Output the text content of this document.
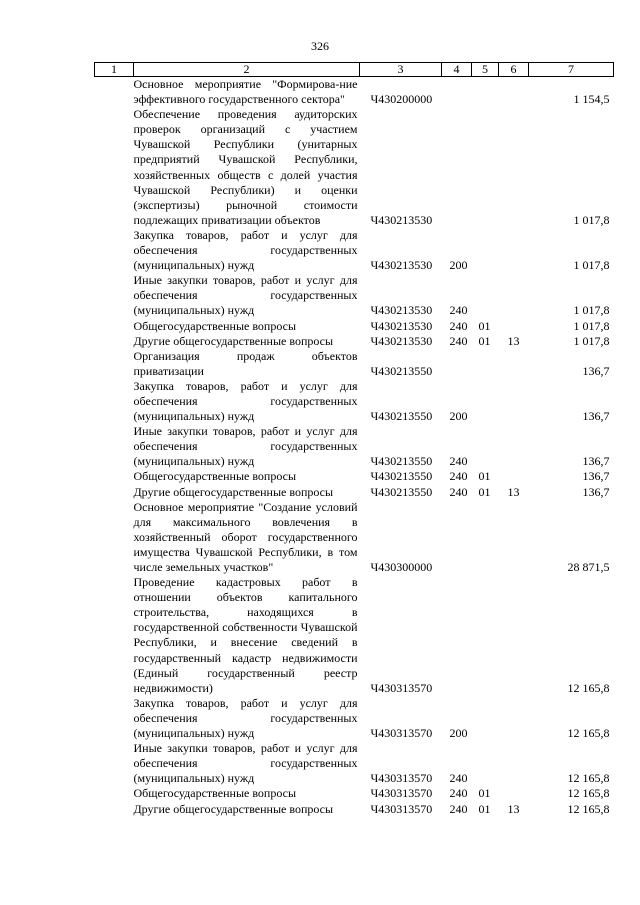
326
1	2	3	4	5	6	7
	Основное мероприятие "Формирова-ние эффективного государственного сектора"	Ч430200000				1 154,5
	Обеспечение проведения аудиторских проверок организаций с участием Чувашской Республики (унитарных предприятий Чувашской Республики, хозяйственных обществ с долей участия Чувашской Республики) и оценки (экспертизы) рыночной стоимости подлежащих приватизации объектов	Ч430213530				1 017,8
	Закупка товаров, работ и услуг для обеспечения государственных (муниципальных) нужд	Ч430213530	200			1 017,8
	Иные закупки товаров, работ и услуг для обеспечения государственных (муниципальных) нужд	Ч430213530	240			1 017,8
	Общегосударственные вопросы	Ч430213530	240	01		1 017,8
	Другие общегосударственные вопросы	Ч430213530	240	01	13	1 017,8
	Организация продаж объектов приватизации	Ч430213550				136,7
	Закупка товаров, работ и услуг для обеспечения государственных (муниципальных) нужд	Ч430213550	200			136,7
	Иные закупки товаров, работ и услуг для обеспечения государственных (муниципальных) нужд	Ч430213550	240			136,7
	Общегосударственные вопросы	Ч430213550	240	01		136,7
	Другие общегосударственные вопросы	Ч430213550	240	01	13	136,7
	Основное мероприятие "Создание условий для максимального вовлечения в хозяйственный оборот государственного имущества Чувашской Республики, в том числе земельных участков"	Ч430300000				28 871,5
	Проведение кадастровых работ в отношении объектов капитального строительства, находящихся в государственной собственности Чувашской Республики, и внесение сведений в государственный кадастр недвижимости (Единый государственный реестр недвижимости)	Ч430313570				12 165,8
	Закупка товаров, работ и услуг для обеспечения государственных (муниципальных) нужд	Ч430313570	200			12 165,8
	Иные закупки товаров, работ и услуг для обеспечения государственных (муниципальных) нужд	Ч430313570	240			12 165,8
	Общегосударственные вопросы	Ч430313570	240	01		12 165,8
	Другие общегосударственные вопросы	Ч430313570	240	01	13	12 165,8
